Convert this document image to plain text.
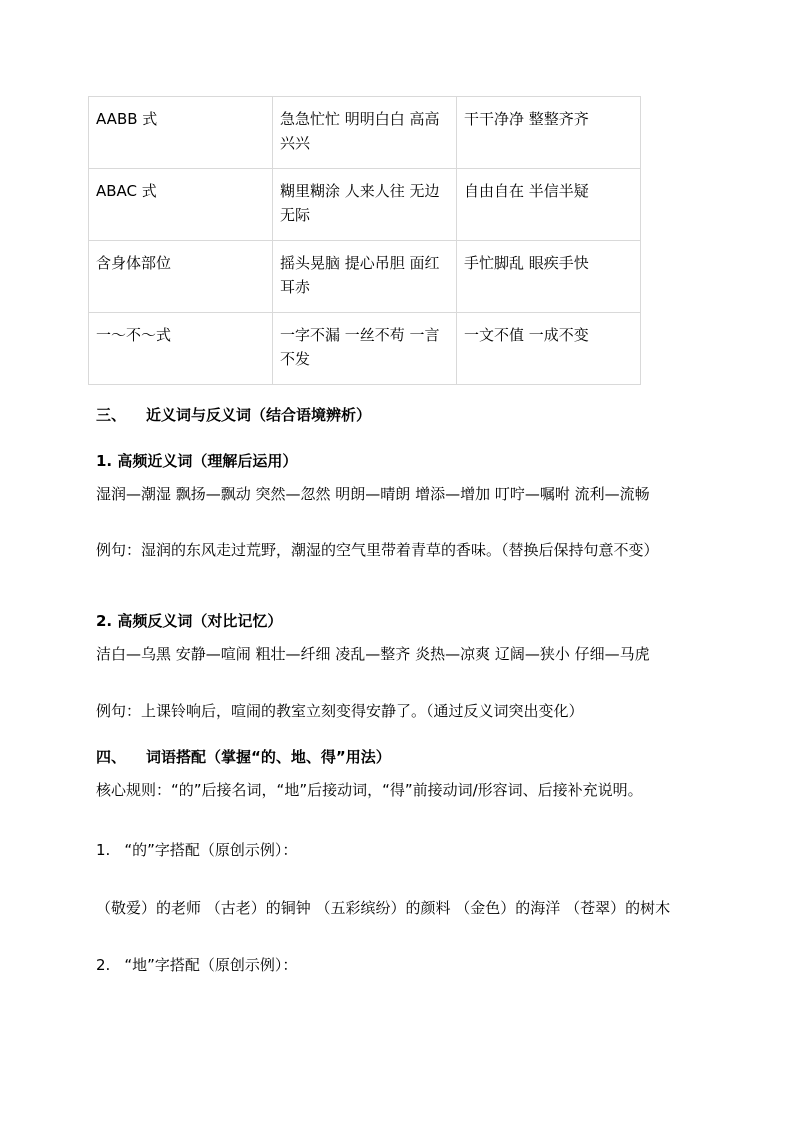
AABB 式	急急忙忙 明明白白 高高兴兴	干干净净 整整齐齐
ABAC 式	糊里糊涂 人来人往 无边无际	自由自在 半信半疑
含身体部位	摇头晃脑 提心吊胆 面红耳赤	手忙脚乱 眼疾手快
一～不～式	一字不漏 一丝不苟 一言不发	一文不值 一成不变
三、 近义词与反义词（结合语境辨析）
1. 高频近义词（理解后运用）
湿润—潮湿 飘扬—飘动 突然—忽然 明朗—晴朗 增添—增加 叮咛—嘱咐 流利—流畅
例句：湿润的东风走过荒野，潮湿的空气里带着青草的香味。（替换后保持句意不变）
2. 高频反义词（对比记忆）
洁白—乌黑 安静—喧闹 粗壮—纤细 凌乱—整齐 炎热—凉爽 辽阔—狭小 仔细—马虎
例句：上课铃响后，喧闹的教室立刻变得安静了。（通过反义词突出变化）
四、 词语搭配（掌握“的、地、得”用法）
核心规则：“的”后接名词，“地”后接动词，“得”前接动词/形容词、后接补充说明。
1. “的”字搭配（原创示例）：
（敬爱）的老师 （古老）的铜钟 （五彩缤纷）的颜料 （金色）的海洋 （苍翠）的树木
2. “地”字搭配（原创示例）：
